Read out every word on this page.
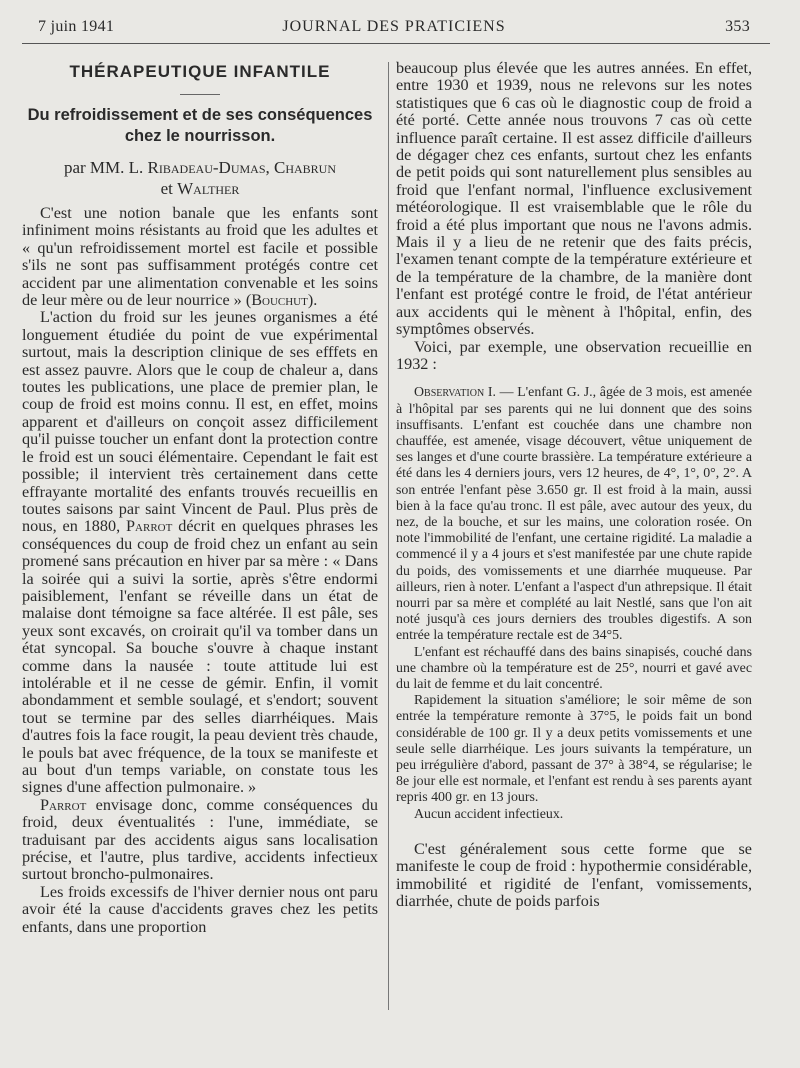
7 juin 1941	JOURNAL DES PRATICIENS	353
THÉRAPEUTIQUE INFANTILE
Du refroidissement et de ses conséquences chez le nourrisson.
par MM. L. Ribadeau-Dumas, Chabrun
et Walther

C'est une notion banale que les enfants sont infiniment moins résistants au froid que les adultes et « qu'un refroidissement mortel est facile et possible s'ils ne sont pas suffisamment protégés contre cet accident par une alimentation convenable et les soins de leur mère ou de leur nourrice » (Bouchut).

L'action du froid sur les jeunes organismes a été longuement étudiée du point de vue expérimental surtout, mais la description clinique de ses efffets en est assez pauvre. Alors que le coup de chaleur a, dans toutes les publications, une place de premier plan, le coup de froid est moins connu. Il est, en effet, moins apparent et d'ailleurs on conçoit assez difficilement qu'il puisse toucher un enfant dont la protection contre le froid est un souci élémentaire. Cependant le fait est possible; il intervient très certainement dans cette effrayante mortalité des enfants trouvés recueillis en toutes saisons par saint Vincent de Paul. Plus près de nous, en 1880, Parrot décrit en quelques phrases les conséquences du coup de froid chez un enfant au sein promené sans précaution en hiver par sa mère : « Dans la soirée qui a suivi la sortie, après s'être endormi paisiblement, l'enfant se réveille dans un état de malaise dont témoigne sa face altérée. Il est pâle, ses yeux sont excavés, on croirait qu'il va tomber dans un état syncopal. Sa bouche s'ouvre à chaque instant comme dans la nausée : toute attitude lui est intolérable et il ne cesse de gémir. Enfin, il vomit abondamment et semble soulagé, et s'endort; souvent tout se termine par des selles diarrhéiques. Mais d'autres fois la face rougit, la peau devient très chaude, le pouls bat avec fréquence, de la toux se manifeste et au bout d'un temps variable, on constate tous les signes d'une affection pulmonaire. »

Parrot envisage donc, comme conséquences du froid, deux éventualités : l'une, immédiate, se traduisant par des accidents aigus sans localisation précise, et l'autre, plus tardive, accidents infectieux surtout broncho-pulmonaires.

Les froids excessifs de l'hiver dernier nous ont paru avoir été la cause d'accidents graves chez les petits enfants, dans une proportion

beaucoup plus élevée que les autres années. En effet, entre 1930 et 1939, nous ne relevons sur les notes statistiques que 6 cas où le diagnostic coup de froid a été porté. Cette année nous trouvons 7 cas où cette influence paraît certaine. Il est assez difficile d'ailleurs de dégager chez ces enfants, surtout chez les enfants de petit poids qui sont naturellement plus sensibles au froid que l'enfant normal, l'influence exclusivement météorologique. Il est vraisemblable que le rôle du froid a été plus important que nous ne l'avons admis. Mais il y a lieu de ne retenir que des faits précis, l'examen tenant compte de la température extérieure et de la température de la chambre, de la manière dont l'enfant est protégé contre le froid, de l'état antérieur aux accidents qui le mènent à l'hôpital, enfin, des symptômes observés.

Voici, par exemple, une observation recueillie en 1932 :

Observation I. — L'enfant G. J., âgée de 3 mois, est amenée à l'hôpital par ses parents qui ne lui donnent que des soins insuffisants. L'enfant est couchée dans une chambre non chauffée, est amenée, visage découvert, vêtue uniquement de ses langes et d'une courte brassière. La température extérieure a été dans les 4 derniers jours, vers 12 heures, de 4°, 1°, 0°, 2°. A son entrée l'enfant pèse 3.650 gr. Il est froid à la main, aussi bien à la face qu'au tronc. Il est pâle, avec autour des yeux, du nez, de la bouche, et sur les mains, une coloration rosée. On note l'immobilité de l'enfant, une certaine rigidité. La maladie a commencé il y a 4 jours et s'est manifestée par une chute rapide du poids, des vomissements et une diarrhée muqueuse. Par ailleurs, rien à noter. L'enfant a l'aspect d'un athrepsique. Il était nourri par sa mère et complété au lait Nestlé, sans que l'on ait noté jusqu'à ces jours derniers des troubles digestifs. A son entrée la température rectale est de 34°5.

L'enfant est réchauffé dans des bains sinapisés, couché dans une chambre où la température est de 25°, nourri et gavé avec du lait de femme et du lait concentré.

Rapidement la situation s'améliore; le soir même de son entrée la température remonte à 37°5, le poids fait un bond considérable de 100 gr. Il y a deux petits vomissements et une seule selle diarrhéique. Les jours suivants la température, un peu irrégulière d'abord, passant de 37° à 38°4, se régularise; le 8e jour elle est normale, et l'enfant est rendu à ses parents ayant repris 400 gr. en 13 jours.

Aucun accident infectieux.

C'est généralement sous cette forme que se manifeste le coup de froid : hypothermie considérable, immobilité et rigidité de l'enfant, vomissements, diarrhée, chute de poids parfois
